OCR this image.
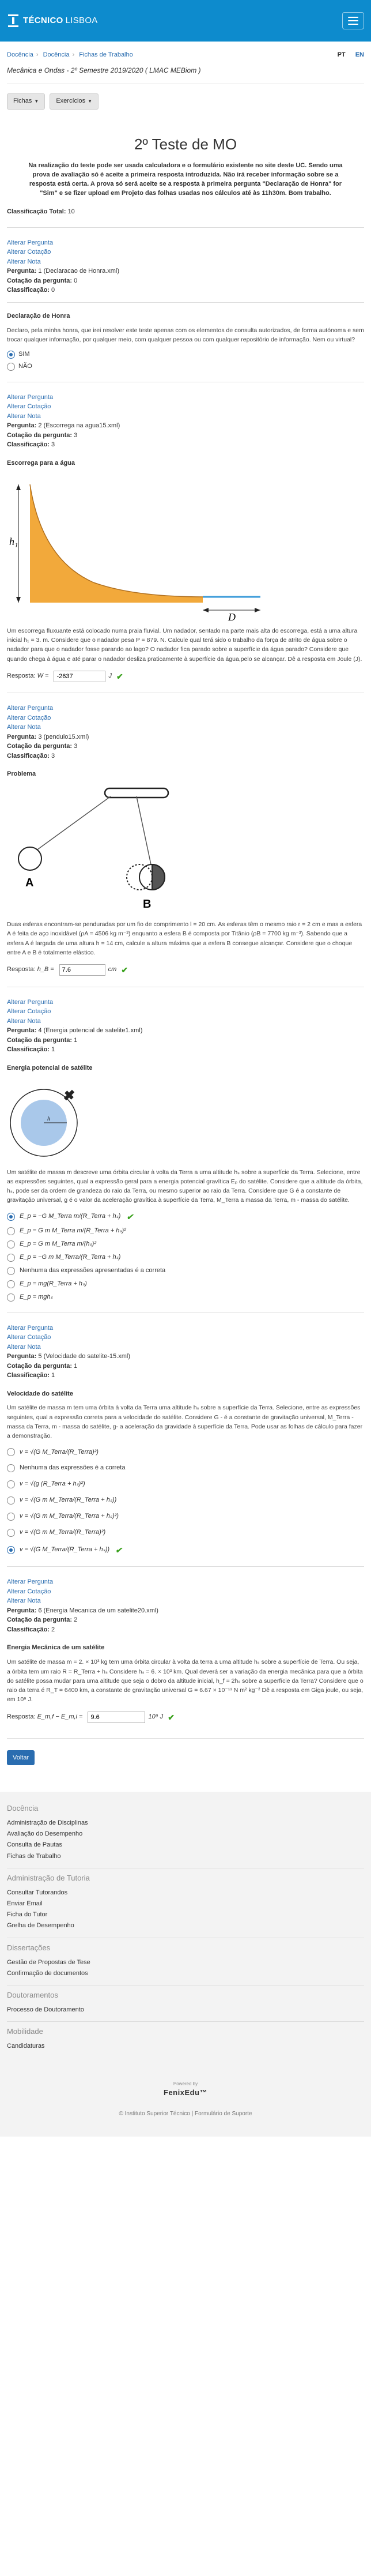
TÉCNICO LISBOA
Docência › Docência › Fichas de Trabalho	PT EN
Mecânica e Ondas - 2º Semestre 2019/2020 ( LMAC MEBiom )
Fichas ▼	Exercícios ▼
2º Teste de MO

Na realização do teste pode ser usada calculadora e o formulário existente no site deste UC. Sendo uma prova de avaliação só é aceite a primeira resposta introduzida. Não irá receber informação sobre se a resposta está certa. A prova só será aceite se a resposta à primeira pergunta "Declaração de Honra" for "Sim" e se fizer upload em Projeto das folhas usadas nos cálculos até às 11h30m. Bom trabalho.

Classificação Total: 10
Alterar Pergunta
Alterar Cotação
Alterar Nota
Pergunta: 1 (Declaracao de Honra.xml)
Cotação da pergunta: 0
Classificação: 0
Declaração de Honra

Declaro, pela minha honra, que irei resolver este teste apenas com os elementos de consulta autorizados, de forma autónoma e sem trocar qualquer informação, por qualquer meio, com qualquer pessoa ou com qualquer repositório de informação. Nem ou virtual?

SIM
NÃO
Alterar Pergunta
Alterar Cotação
Alterar Nota
Pergunta: 2 (Escorrega na agua15.xml)
Cotação da pergunta: 3
Classificação: 3
Escorrega para a água
h₁
D

Um escorrega fluxuante está colocado numa praia fluvial. Um nadador, sentado na parte mais alta do escorrega, está a uma altura inicial h₁ = 3. m. Considere que o nadador pesa P = 879. N. Calcule qual terá sido o trabalho da força de atrito de água sobre o nadador para que o nadador fosse parando ao lago? O nadador fica parado sobre a superfície da água parado? Considere que quando chega à água e até parar o nadador desliza praticamente à superfície da água,pelo se alcançar. Dê a resposta em Joule (J).

Resposta:
W =
-2637	J ✔
Alterar Pergunta
Alterar Cotação
Alterar Nota
Pergunta: 3 (pendulo15.xml)
Cotação da pergunta: 3
Classificação: 3
Problema
A
B

Duas esferas encontram-se penduradas por um fio de comprimento l = 20 cm. As esferas têm o mesmo raio r = 2 cm e mas a esfera A é feita de aço inoxidável (ρA = 4506 kg m⁻³) enquanto a esfera B é composta por Titânio (ρB = 7700 kg m⁻³). Sabendo que a esfera A é largada de uma altura h = 14 cm, calcule a altura máxima que a esfera B consegue alcançar. Considere que o choque entre A e B é totalmente elástico.

Resposta:
h_B =
7.6	cm ✔
Alterar Pergunta
Alterar Cotação
Alterar Nota
Pergunta: 4 (Energia potencial de satelite1.xml)
Cotação da pergunta: 1
Classificação: 1
Energia potencial de satélite
h

Um satélite de massa m descreve uma órbita circular à volta da Terra a uma altitude hₛ sobre a superfície da Terra. Selecione, entre as expressões seguintes, qual a expressão geral para a energia potencial gravítica Eₚ do satélite. Considere que a altitude da órbita, hₛ, pode ser da ordem de grandeza do raio da Terra, ou mesmo superior ao raio da Terra. Considere que G é a constante de gravitação universal, g é o valor da aceleração gravítica à superfície da Terra, M_Terra a massa da Terra, m - massa do satélite.

E_p = −G M_Terra m/(R_Terra + hₛ) ✔
E_p = G m M_Terra m/(R_Terra + hₛ)²
E_p = G m M_Terra m/(hₛ)²
E_p = −G m M_Terra/(R_Terra + hₛ)
Nenhuma das expressões apresentadas é a correta
E_p = mg(R_Terra + hₛ)
E_p = mghₛ
Alterar Pergunta
Alterar Cotação
Alterar Nota
Pergunta: 5 (Velocidade do satelite-15.xml)
Cotação da pergunta: 1
Classificação: 1
Velocidade do satélite

Um satélite de massa m tem uma órbita à volta da Terra uma altitude hₛ sobre a superfície da Terra. Selecione, entre as expressões seguintes, qual a expressão correta para a velocidade do satélite. Considere G - é a constante de gravitação universal, M_Terra - massa da Terra, m - massa do satélite, g- a aceleração da gravidade à superfície da Terra. Pode usar as folhas de cálculo para fazer a demonstração.

v = √(G M_Terra/(R_Terra)²)
Nenhuma das expressões é a correta
v = √(g (R_Terra + hₛ)²)
v = √(G m M_Terra/(R_Terra + hₛ))
v = √(G m M_Terra/(R_Terra + hₛ)²)
v = √(G m M_Terra/(R_Terra)²)
v = √(G M_Terra/(R_Terra + hₛ)) ✔
Alterar Pergunta
Alterar Cotação
Alterar Nota
Pergunta: 6 (Energia Mecanica de um satelite20.xml)
Cotação da pergunta: 2
Classificação: 2
Energia Mecânica de um satélite

Um satélite de massa m = 2. × 10³ kg tem uma órbita circular à volta da terra a uma altitude hₛ sobre a superfície de Terra. Ou seja, a órbita tem um raio R = R_Terra + hₛ Considere hₛ = 6. × 10³ km. Qual deverá ser a variação da energia mecânica para que a órbita do satélite possa mudar para uma altitude que seja o dobro da altitude inicial, h_f = 2hₛ sobre a superfície da Terra? Considere que o raio da terra é R_T = 6400 km, a constante de gravitação universal G = 6.67 × 10⁻¹¹ N m² kg⁻² Dê a resposta em Giga joule, ou seja, em 10⁹ J.

Resposta:
E_m,f − E_m,i =
9.6	10⁹ J ✔
Voltar
Docência
Administração de Disciplinas
Avaliação do Desempenho
Consulta de Pautas
Fichas de Trabalho
Administração de Tutoria
Consultar Tutorandos
Enviar Email
Ficha do Tutor
Grelha de Desempenho
Dissertações
Gestão de Propostas de Tese
Confirmação de documentos
Doutoramentos
Processo de Doutoramento
Mobilidade
Candidaturas
Powered by
FenixEdu™
© Instituto Superior Técnico | Formulário de Suporte
